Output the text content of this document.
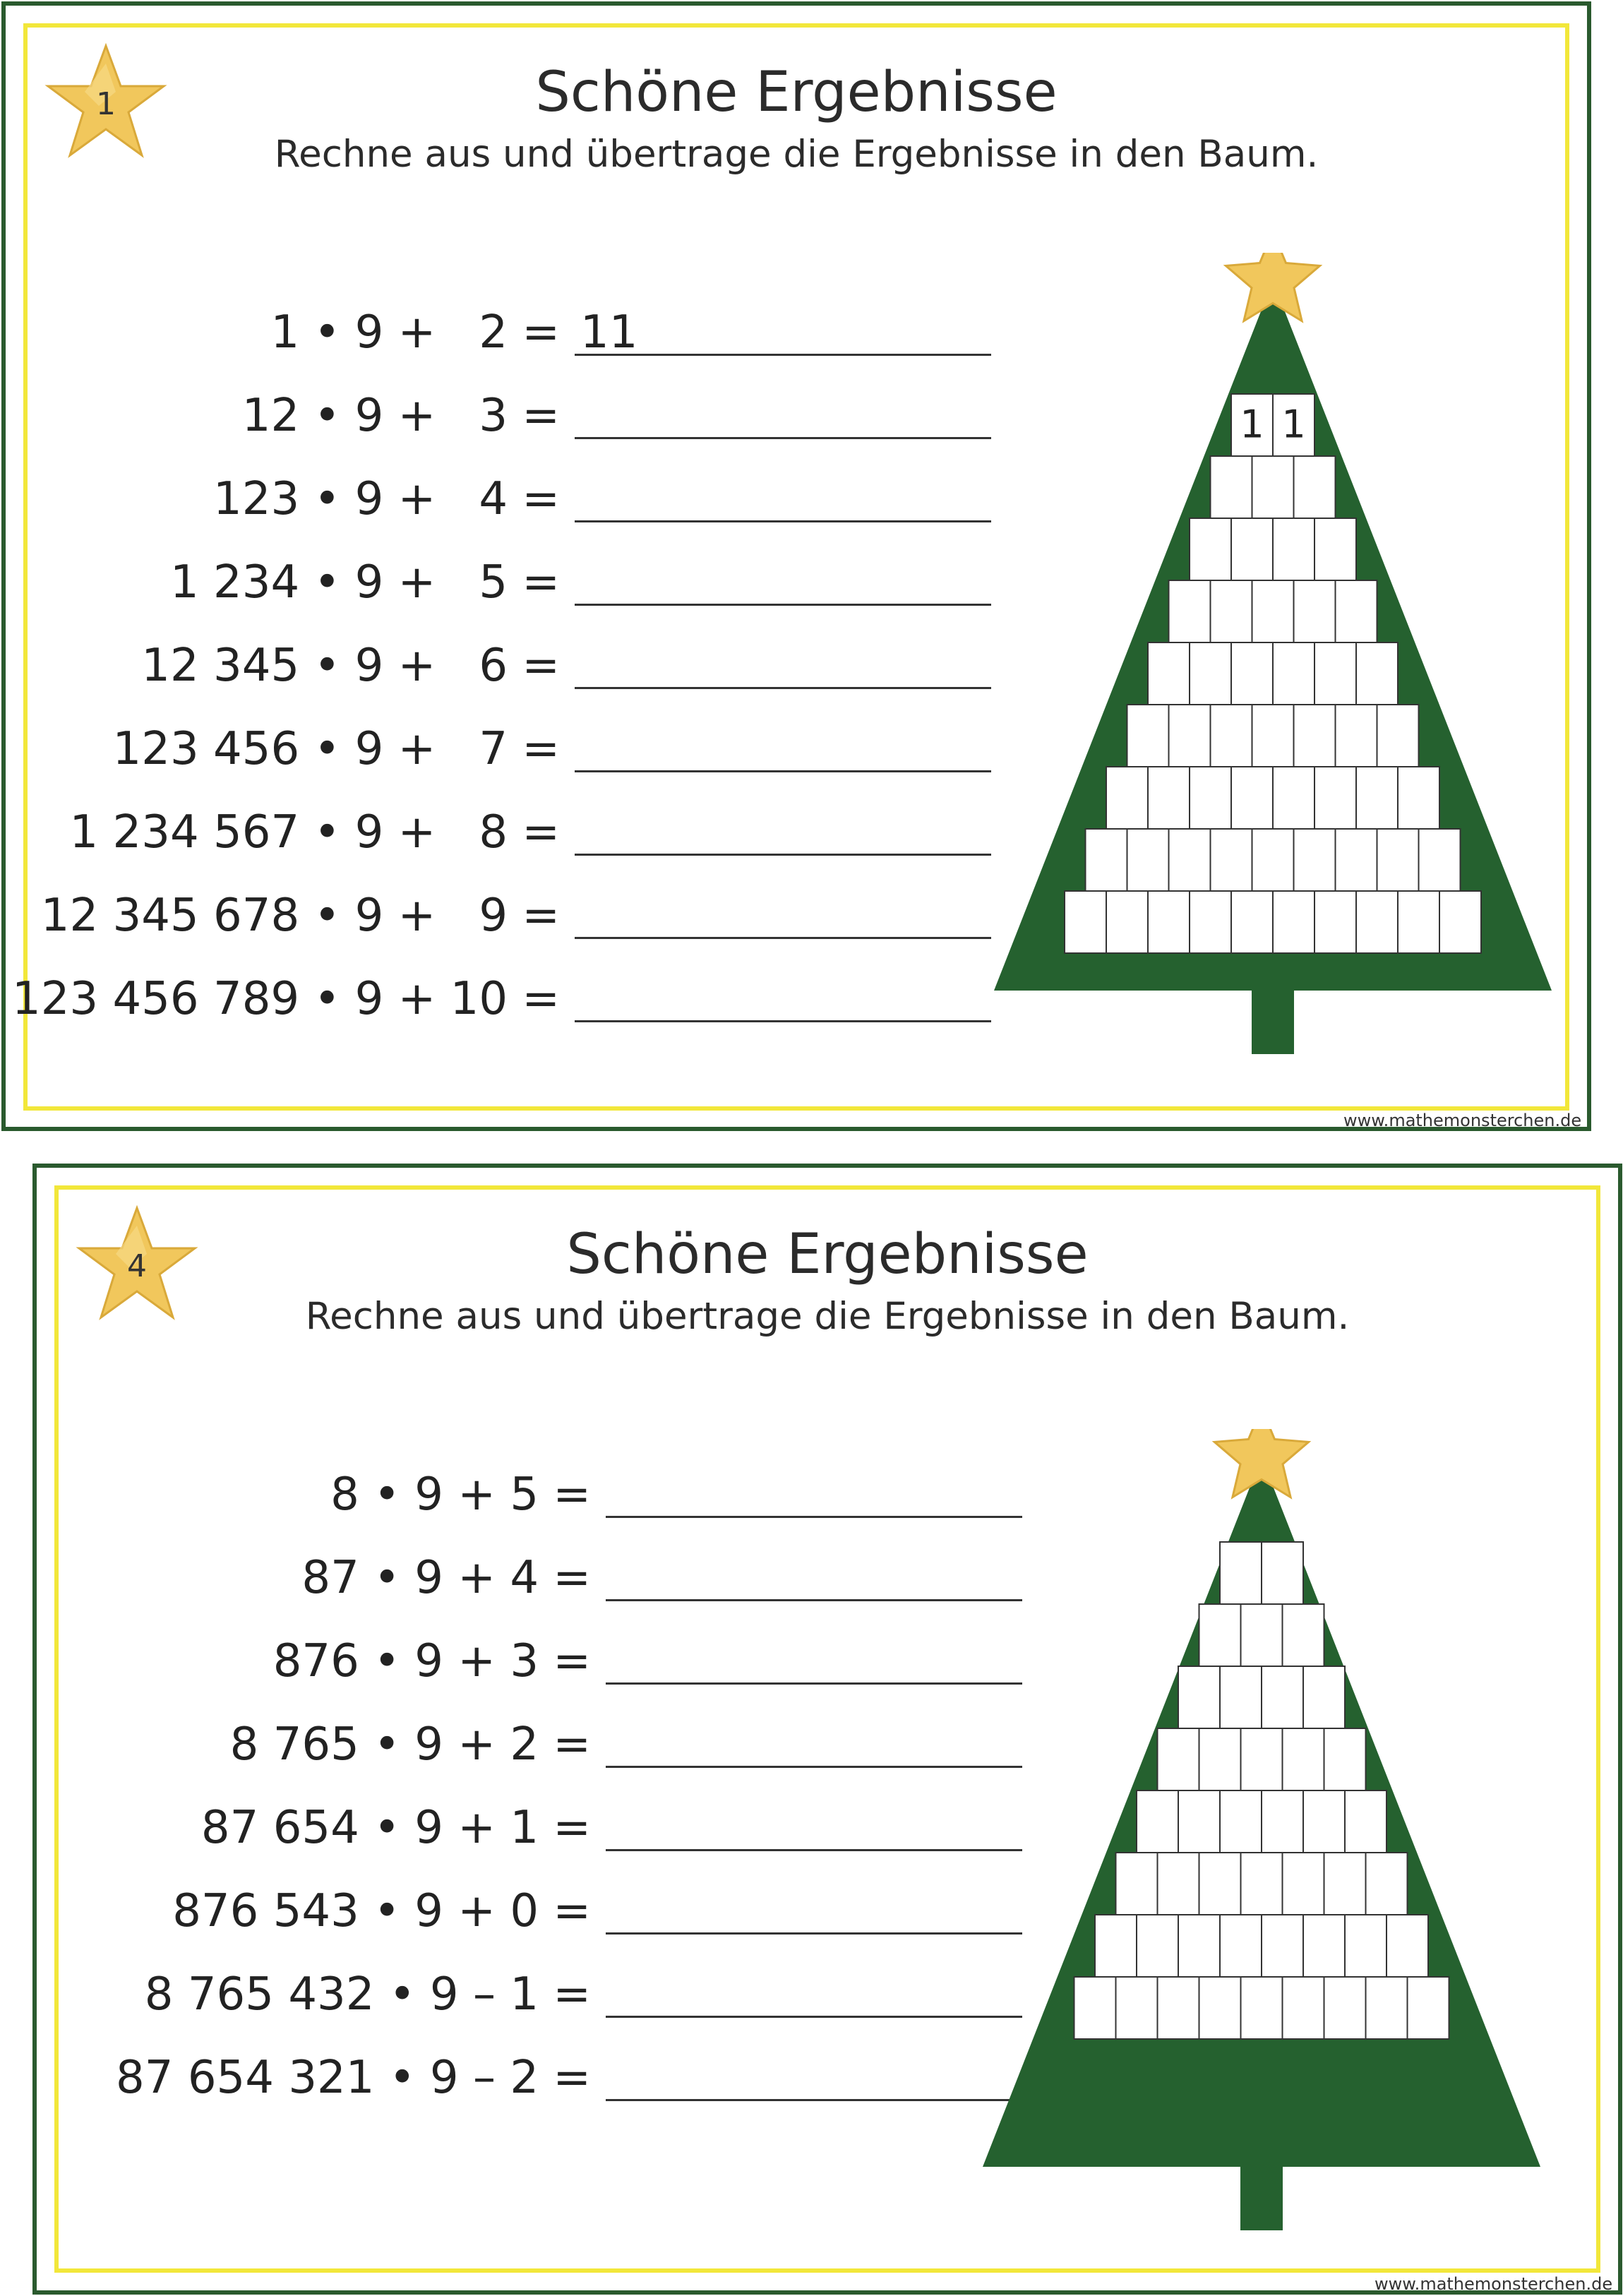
1	Schöne Ergebnisse
Rechne aus und übertrage die Ergebnisse in den Baum.
1 • 9 +   2 = 11
12 • 9 +   3 =
123 • 9 +   4 =
1 234 • 9 +   5 =
12 345 • 9 +   6 =
123 456 • 9 +   7 =
1 234 567 • 9 +   8 =
12 345 678 • 9 +   9 =
123 456 789 • 9 + 10 =
1 1
www.mathemonsterchen.de
4	Schöne Ergebnisse
Rechne aus und übertrage die Ergebnisse in den Baum.
8 • 9 + 5 =
87 • 9 + 4 =
876 • 9 + 3 =
8 765 • 9 + 2 =
87 654 • 9 + 1 =
876 543 • 9 + 0 =
8 765 432 • 9 – 1 =
87 654 321 • 9 – 2 =
www.mathemonsterchen.de
